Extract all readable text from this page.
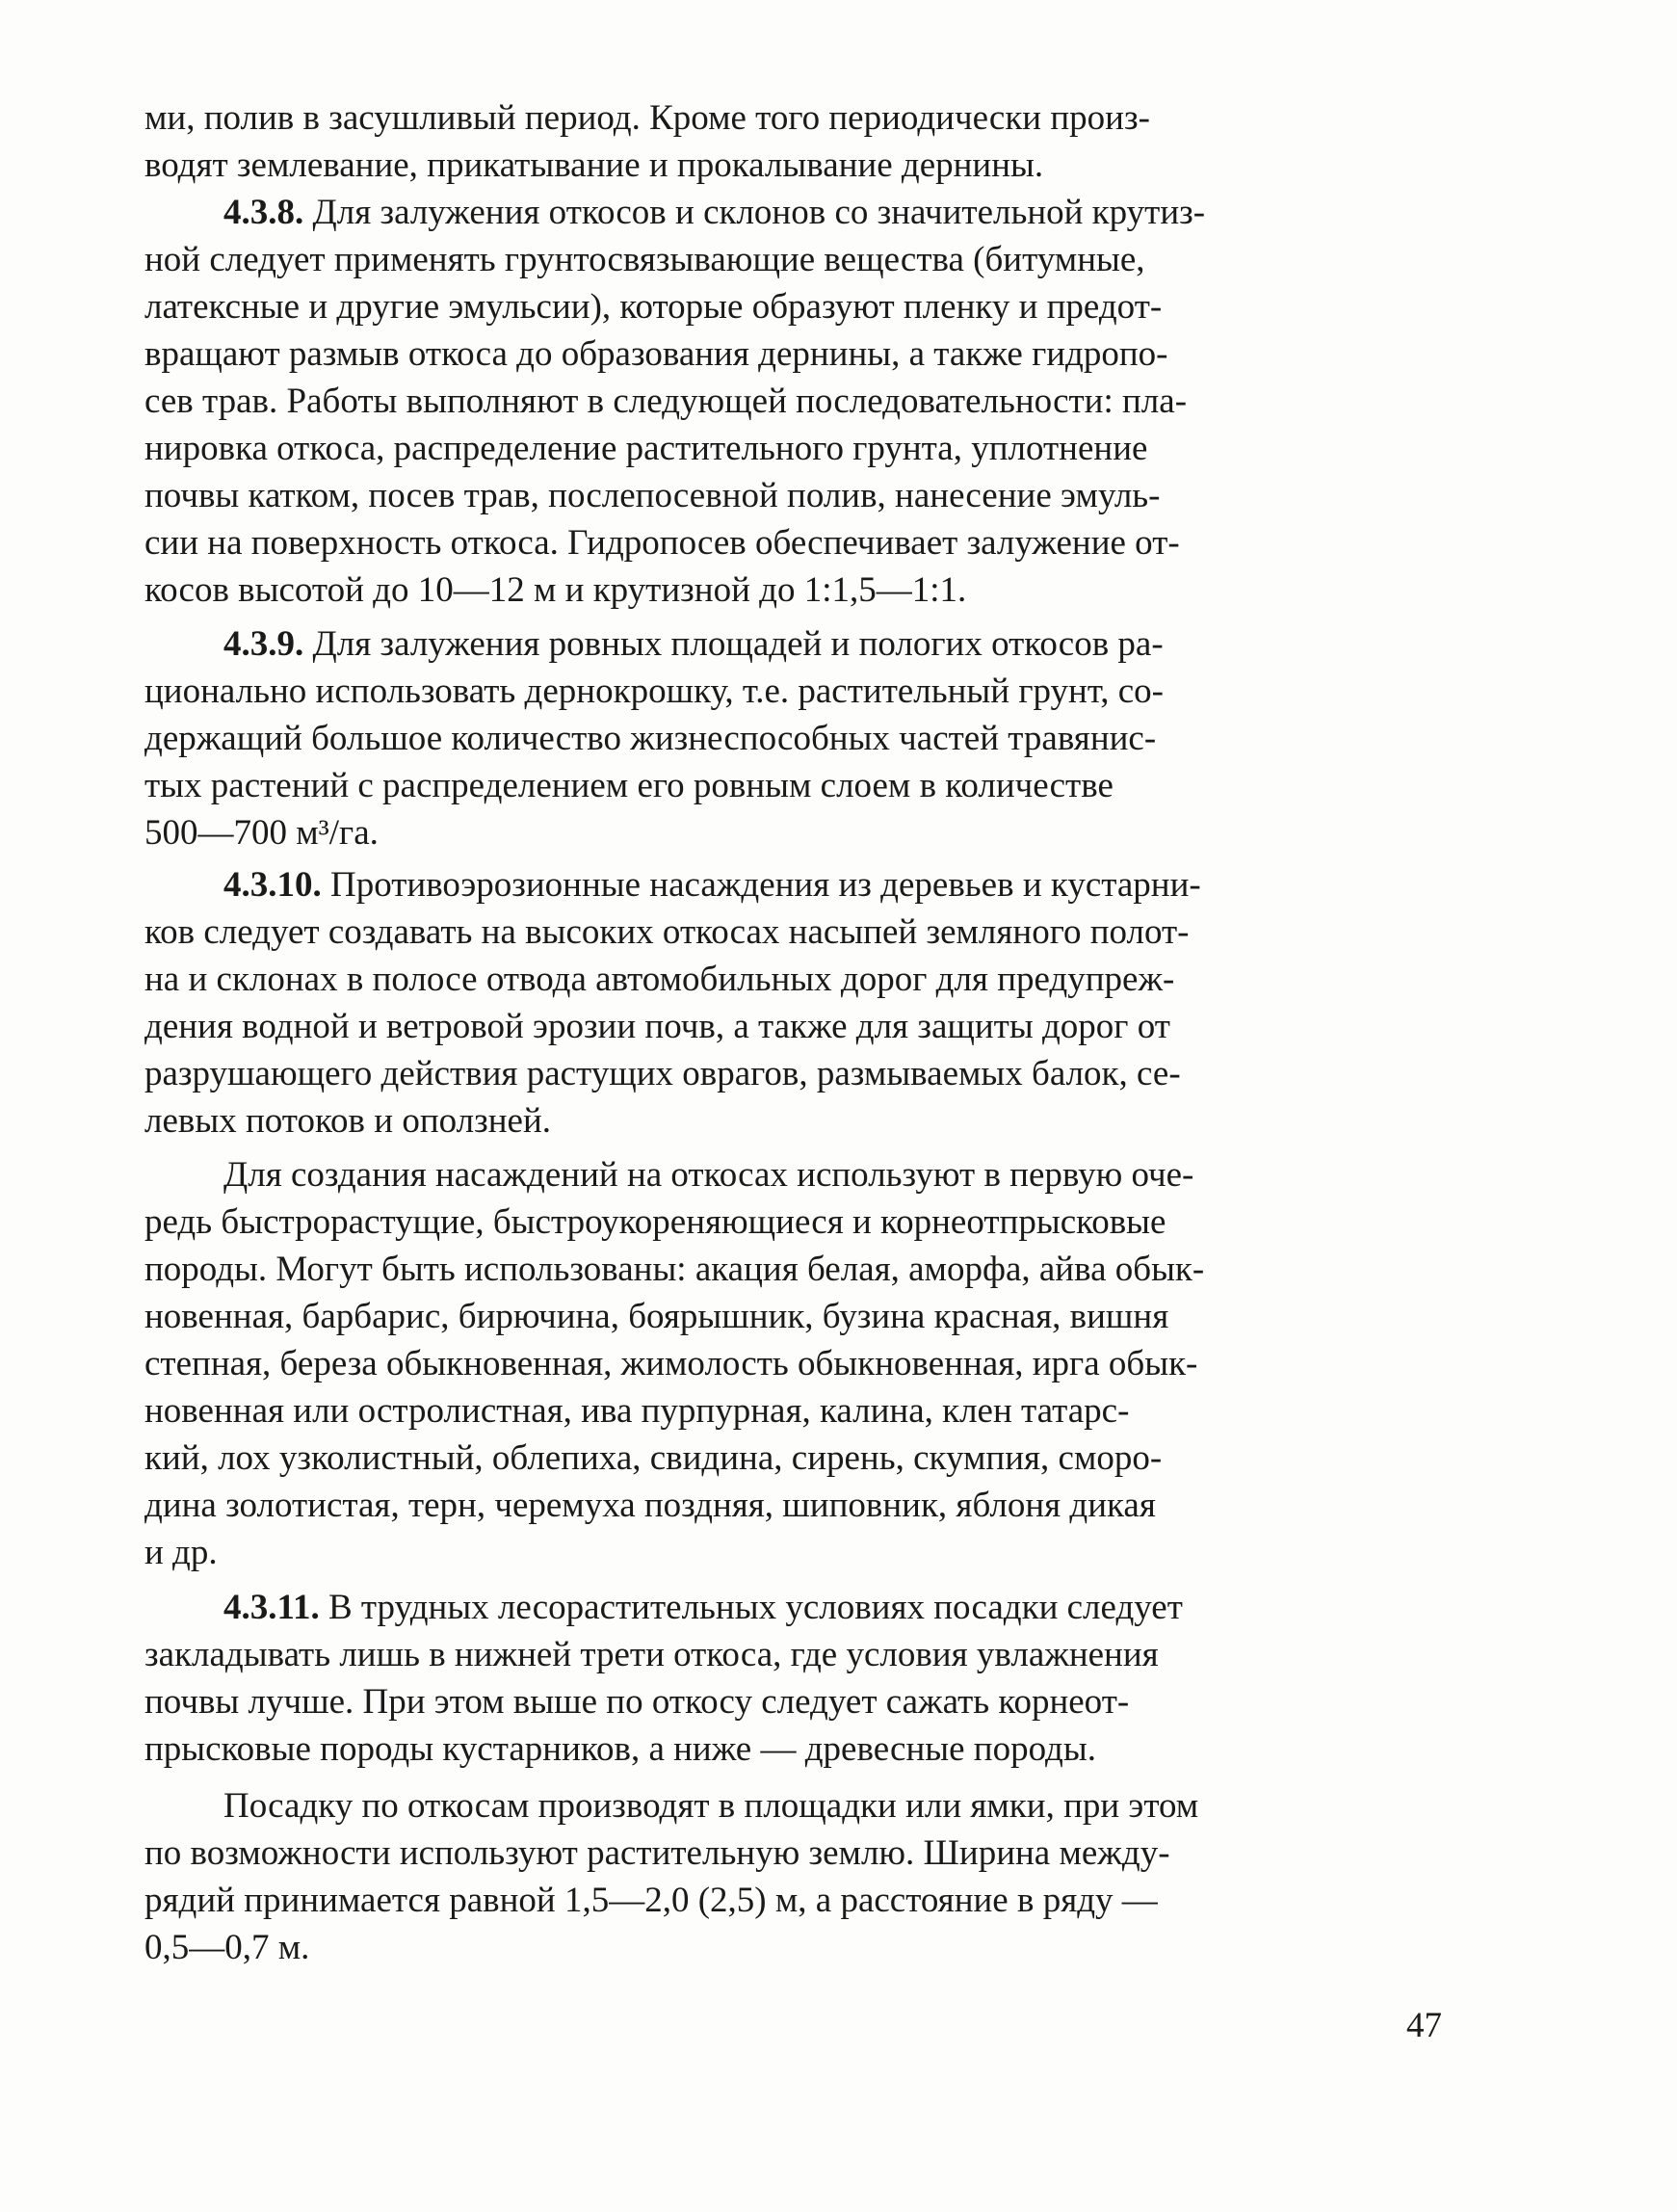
ми, полив в засушливый период. Кроме того периодически произ-
водят землевание, прикатывание и прокалывание дернины.
4.3.8. Для залужения откосов и склонов со значительной крутиз-
ной следует применять грунтосвязывающие вещества (битумные,
латексные и другие эмульсии), которые образуют пленку и предот-
вращают размыв откоса до образования дернины, а также гидропо-
сев трав. Работы выполняют в следующей последовательности: пла-
нировка откоса, распределение растительного грунта, уплотнение
почвы катком, посев трав, послепосевной полив, нанесение эмуль-
сии на поверхность откоса. Гидропосев обеспечивает залужение от-
косов высотой до 10—12 м и крутизной до 1:1,5—1:1.
4.3.9. Для залужения ровных площадей и пологих откосов ра-
ционально использовать дернокрошку, т.е. растительный грунт, со-
держащий большое количество жизнеспособных частей травянис-
тых растений с распределением его ровным слоем в количестве
500—700 м³/га.
4.3.10. Противоэрозионные насаждения из деревьев и кустарни-
ков следует создавать на высоких откосах насыпей земляного полот-
на и склонах в полосе отвода автомобильных дорог для предупреж-
дения водной и ветровой эрозии почв, а также для защиты дорог от
разрушающего действия растущих оврагов, размываемых балок, се-
левых потоков и оползней.
Для создания насаждений на откосах используют в первую оче-
редь быстрорастущие, быстроукореняющиеся и корнеотпрысковые
породы. Могут быть использованы: акация белая, аморфа, айва обык-
новенная, барбарис, бирючина, боярышник, бузина красная, вишня
степная, береза обыкновенная, жимолость обыкновенная, ирга обык-
новенная или остролистная, ива пурпурная, калина, клен татарс-
кий, лох узколистный, облепиха, свидина, сирень, скумпия, сморо-
дина золотистая, терн, черемуха поздняя, шиповник, яблоня дикая
и др.
4.3.11. В трудных лесорастительных условиях посадки следует
закладывать лишь в нижней трети откоса, где условия увлажнения
почвы лучше. При этом выше по откосу следует сажать корнеот-
прысковые породы кустарников, а ниже — древесные породы.
Посадку по откосам производят в площадки или ямки, при этом
по возможности используют растительную землю. Ширина между-
рядий принимается равной 1,5—2,0 (2,5) м, а расстояние в ряду —
0,5—0,7 м.
47
